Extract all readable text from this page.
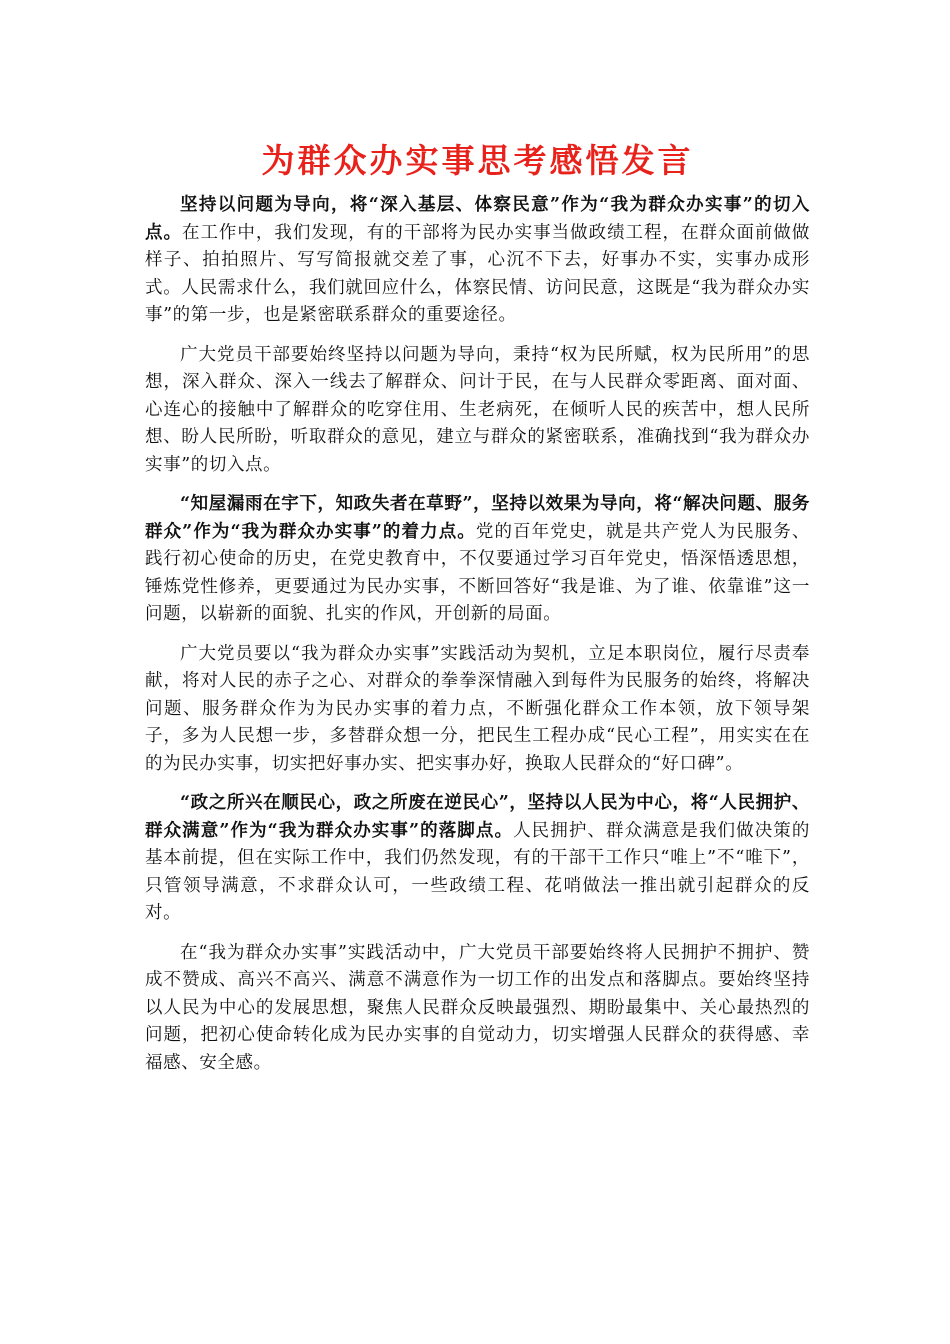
为群众办实事思考感悟发言

坚持以问题为导向，将“深入基层、体察民意”作为“我为群众办实事”的切入点。在工作中，我们发现，有的干部将为民办实事当做政绩工程，在群众面前做做样子、拍拍照片、写写简报就交差了事，心沉不下去，好事办不实，实事办成形式。人民需求什么，我们就回应什么，体察民情、访问民意，这既是“我为群众办实事”的第一步，也是紧密联系群众的重要途径。

广大党员干部要始终坚持以问题为导向，秉持“权为民所赋，权为民所用”的思想，深入群众、深入一线去了解群众、问计于民，在与人民群众零距离、面对面、心连心的接触中了解群众的吃穿住用、生老病死，在倾听人民的疾苦中，想人民所想、盼人民所盼，听取群众的意见，建立与群众的紧密联系，准确找到“我为群众办实事”的切入点。

“知屋漏雨在宇下，知政失者在草野”，坚持以效果为导向，将“解决问题、服务群众”作为“我为群众办实事”的着力点。党的百年党史，就是共产党人为民服务、践行初心使命的历史，在党史教育中，不仅要通过学习百年党史，悟深悟透思想，锤炼党性修养，更要通过为民办实事，不断回答好“我是谁、为了谁、依靠谁”这一问题，以崭新的面貌、扎实的作风，开创新的局面。

广大党员要以“我为群众办实事”实践活动为契机，立足本职岗位，履行尽责奉献，将对人民的赤子之心、对群众的拳拳深情融入到每件为民服务的始终，将解决问题、服务群众作为为民办实事的着力点，不断强化群众工作本领，放下领导架子，多为人民想一步，多替群众想一分，把民生工程办成“民心工程”，用实实在在的为民办实事，切实把好事办实、把实事办好，换取人民群众的“好口碑”。

“政之所兴在顺民心，政之所废在逆民心”，坚持以人民为中心，将“人民拥护、群众满意”作为“我为群众办实事”的落脚点。人民拥护、群众满意是我们做决策的基本前提，但在实际工作中，我们仍然发现，有的干部干工作只“唯上”不“唯下”，只管领导满意，不求群众认可，一些政绩工程、花哨做法一推出就引起群众的反对。

在“我为群众办实事”实践活动中，广大党员干部要始终将人民拥护不拥护、赞成不赞成、高兴不高兴、满意不满意作为一切工作的出发点和落脚点。要始终坚持以人民为中心的发展思想，聚焦人民群众反映最强烈、期盼最集中、关心最热烈的问题，把初心使命转化成为民办实事的自觉动力，切实增强人民群众的获得感、幸福感、安全感。
